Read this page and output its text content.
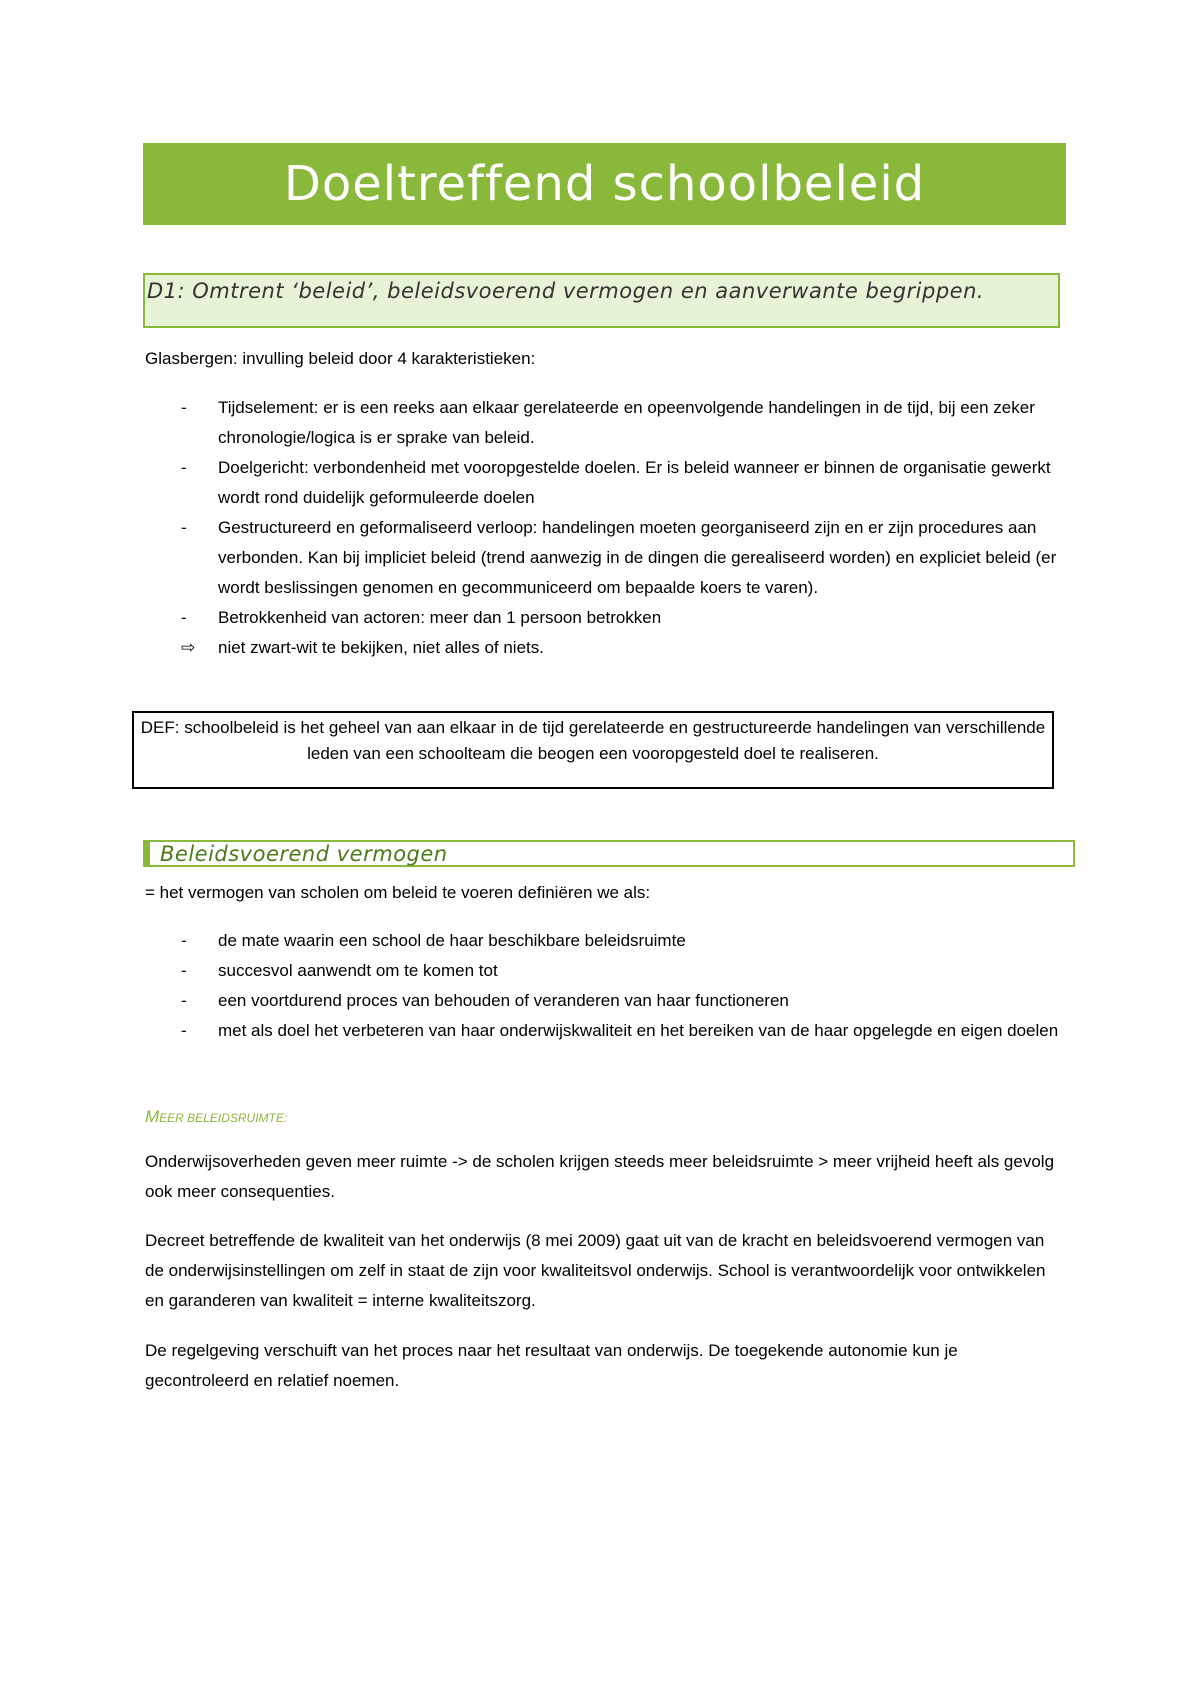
Doeltreffend schoolbeleid
D1: Omtrent ‘beleid’, beleidsvoerend vermogen en aanverwante begrippen.
Glasbergen: invulling beleid door 4 karakteristieken:
-	Tijdselement: er is een reeks aan elkaar gerelateerde en opeenvolgende handelingen in de tijd, bij een zeker chronologie/logica is er sprake van beleid.
-	Doelgericht: verbondenheid met vooropgestelde doelen. Er is beleid wanneer er binnen de organisatie gewerkt wordt rond duidelijk geformuleerde doelen
-	Gestructureerd en geformaliseerd verloop: handelingen moeten georganiseerd zijn en er zijn procedures aan verbonden. Kan bij impliciet beleid (trend aanwezig in de dingen die gerealiseerd worden) en expliciet beleid (er wordt beslissingen genomen en gecommuniceerd om bepaalde koers te varen).
-	Betrokkenheid van actoren: meer dan 1 persoon betrokken
⇨	niet zwart-wit te bekijken, niet alles of niets.
DEF: schoolbeleid is het geheel van aan elkaar in de tijd gerelateerde en gestructureerde handelingen van verschillende leden van een schoolteam die beogen een vooropgesteld doel te realiseren.
Beleidsvoerend vermogen
= het vermogen van scholen om beleid te voeren definiëren we als:
-	de mate waarin een school de haar beschikbare beleidsruimte
-	succesvol aanwendt om te komen tot
-	een voortdurend proces van behouden of veranderen van haar functioneren
-	met als doel het verbeteren van haar onderwijskwaliteit en het bereiken van de haar opgelegde en eigen doelen
MEER BELEIDSRUIMTE:
Onderwijsoverheden geven meer ruimte -> de scholen krijgen steeds meer beleidsruimte > meer vrijheid heeft als gevolg ook meer consequenties.
Decreet betreffende de kwaliteit van het onderwijs (8 mei 2009) gaat uit van de kracht en beleidsvoerend vermogen van de onderwijsinstellingen om zelf in staat de zijn voor kwaliteitsvol onderwijs. School is verantwoordelijk voor ontwikkelen en garanderen van kwaliteit = interne kwaliteitszorg.
De regelgeving verschuift van het proces naar het resultaat van onderwijs. De toegekende autonomie kun je gecontroleerd en relatief noemen.
